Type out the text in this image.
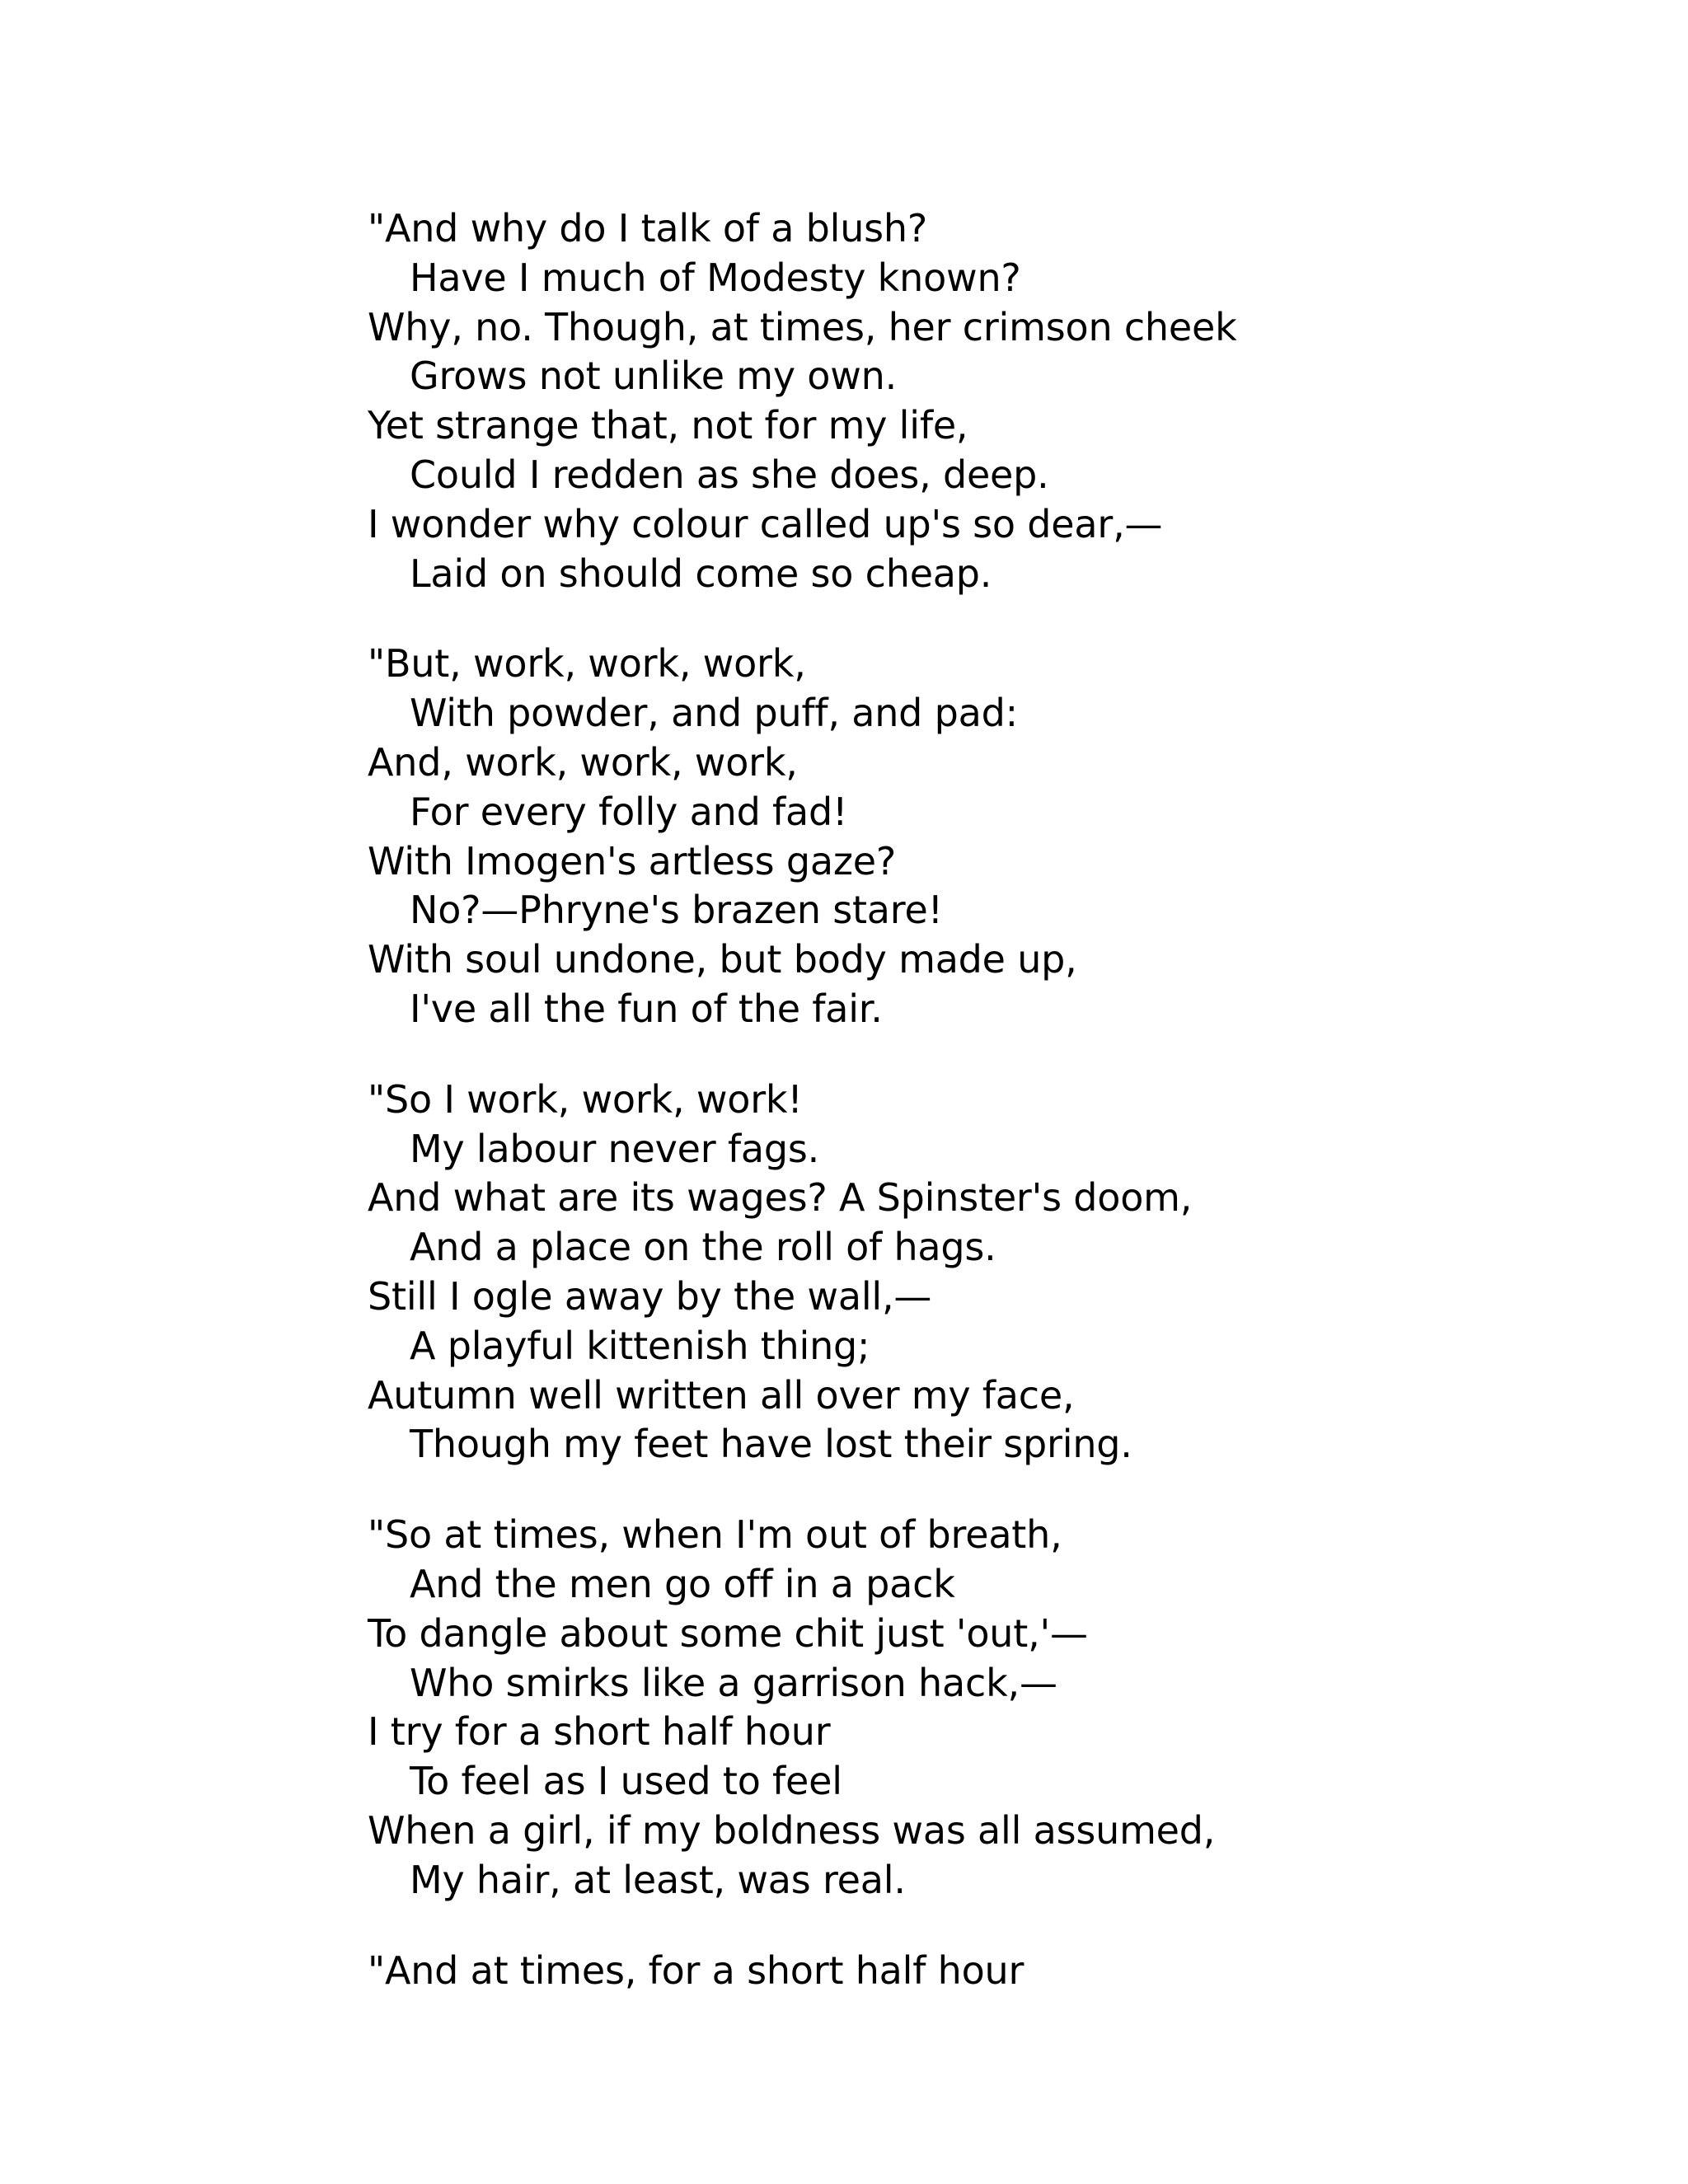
"And why do I talk of a blush?
Have I much of Modesty known?
Why, no. Though, at times, her crimson cheek
Grows not unlike my own.
Yet strange that, not for my life,
Could I redden as she does, deep.
I wonder why colour called up's so dear,—
Laid on should come so cheap.
"But, work, work, work,
With powder, and puff, and pad:
And, work, work, work,
For every folly and fad!
With Imogen's artless gaze?
No?—Phryne's brazen stare!
With soul undone, but body made up,
I've all the fun of the fair.
"So I work, work, work!
My labour never fags.
And what are its wages? A Spinster's doom,
And a place on the roll of hags.
Still I ogle away by the wall,—
A playful kittenish thing;
Autumn well written all over my face,
Though my feet have lost their spring.
"So at times, when I'm out of breath,
And the men go off in a pack
To dangle about some chit just 'out,'—
Who smirks like a garrison hack,—
I try for a short half hour
To feel as I used to feel
When a girl, if my boldness was all assumed,
My hair, at least, was real.
"And at times, for a short half hour
